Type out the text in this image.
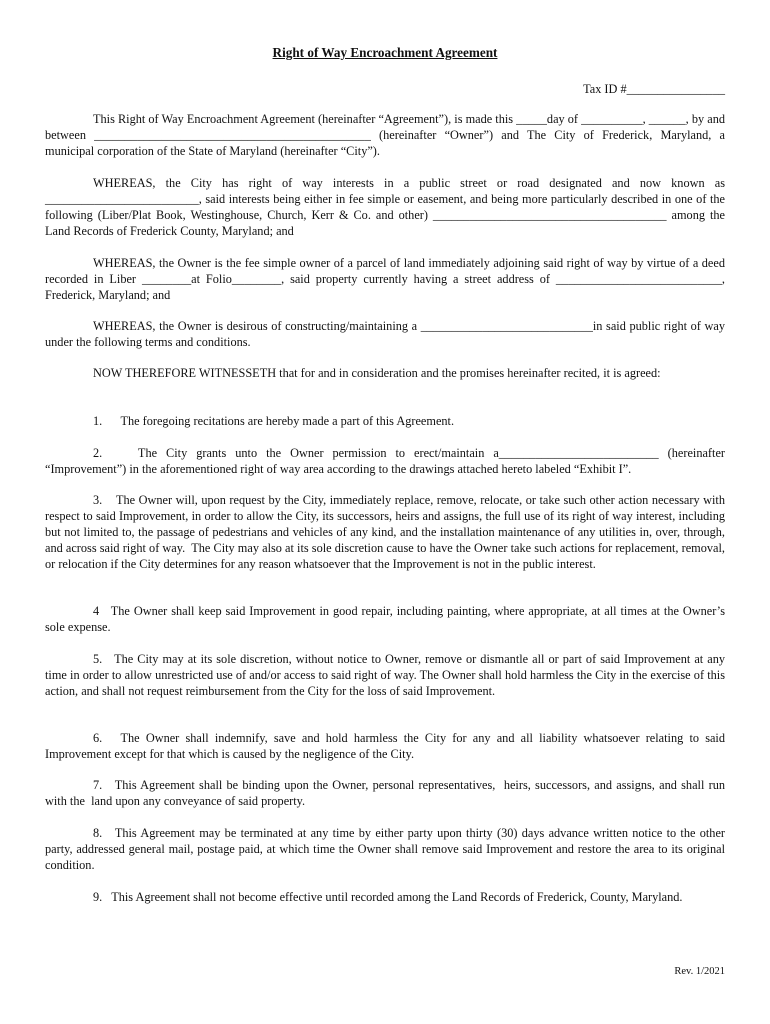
Right of Way Encroachment Agreement
Tax ID #________________
This Right of Way Encroachment Agreement (hereinafter “Agreement”), is made this _____day of __________, ______, by and between _____________________________________________ (hereinafter “Owner”) and The City of Frederick, Maryland, a municipal corporation of the State of Maryland (hereinafter “City”).
WHEREAS, the City has right of way interests in a public street or road designated and now known as _________________________, said interests being either in fee simple or easement, and being more particularly described in one of the following (Liber/Plat Book, Westinghouse, Church, Kerr & Co. and other) ______________________________________ among the Land Records of Frederick County, Maryland; and
WHEREAS, the Owner is the fee simple owner of a parcel of land immediately adjoining said right of way by virtue of a deed recorded in Liber ________at Folio________, said property currently having a street address of ___________________________, Frederick, Maryland; and
WHEREAS, the Owner is desirous of constructing/maintaining a ____________________________in said public right of way under the following terms and conditions.
NOW THEREFORE WITNESSETH that for and in consideration and the promises hereinafter recited, it is agreed:
1.      The foregoing recitations are hereby made a part of this Agreement.
2.    The City grants unto the Owner permission to erect/maintain a__________________________ (hereinafter “Improvement”) in the aforementioned right of way area according to the drawings attached hereto labeled “Exhibit I”.
3.    The Owner will, upon request by the City, immediately replace, remove, relocate, or take such other action necessary with respect to said Improvement, in order to allow the City, its successors, heirs and assigns, the full use of its right of way interest, including but not limited to, the passage of pedestrians and vehicles of any kind, and the installation maintenance of any utilities in, over, through, and across said right of way.  The City may also at its sole discretion cause to have the Owner take such actions for replacement, removal, or relocation if the City determines for any reason whatsoever that the Improvement is not in the public interest.
4   The Owner shall keep said Improvement in good repair, including painting, where appropriate, at all times at the Owner’s sole expense.
5.   The City may at its sole discretion, without notice to Owner, remove or dismantle all or part of said Improvement at any time in order to allow unrestricted use of and/or access to said right of way. The Owner shall hold harmless the City in the exercise of this action, and shall not request reimbursement from the City for the loss of said Improvement.
6.   The Owner shall indemnify, save and hold harmless the City for any and all liability whatsoever relating to said Improvement except for that which is caused by the negligence of the City.
7.   This Agreement shall be binding upon the Owner, personal representatives,  heirs, successors, and assigns, and shall run with the  land upon any conveyance of said property.
8.   This Agreement may be terminated at any time by either party upon thirty (30) days advance written notice to the other party, addressed general mail, postage paid, at which time the Owner shall remove said Improvement and restore the area to its original condition.
9.   This Agreement shall not become effective until recorded among the Land Records of Frederick, County, Maryland.
Rev. 1/2021
